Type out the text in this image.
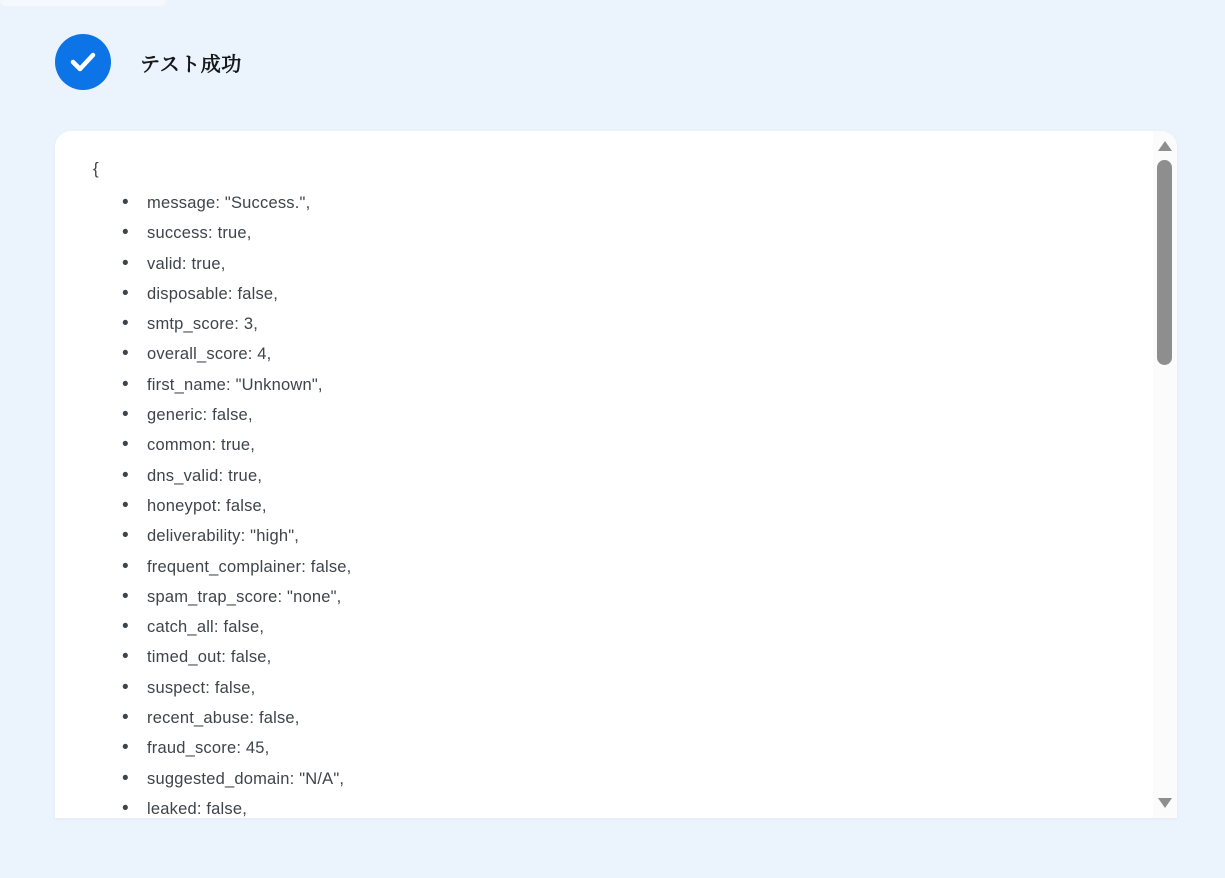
テスト成功
{
• message: "Success.",
• success: true,
• valid: true,
• disposable: false,
• smtp_score: 3,
• overall_score: 4,
• first_name: "Unknown",
• generic: false,
• common: true,
• dns_valid: true,
• honeypot: false,
• deliverability: "high",
• frequent_complainer: false,
• spam_trap_score: "none",
• catch_all: false,
• timed_out: false,
• suspect: false,
• recent_abuse: false,
• fraud_score: 45,
• suggested_domain: "N/A",
• leaked: false,
